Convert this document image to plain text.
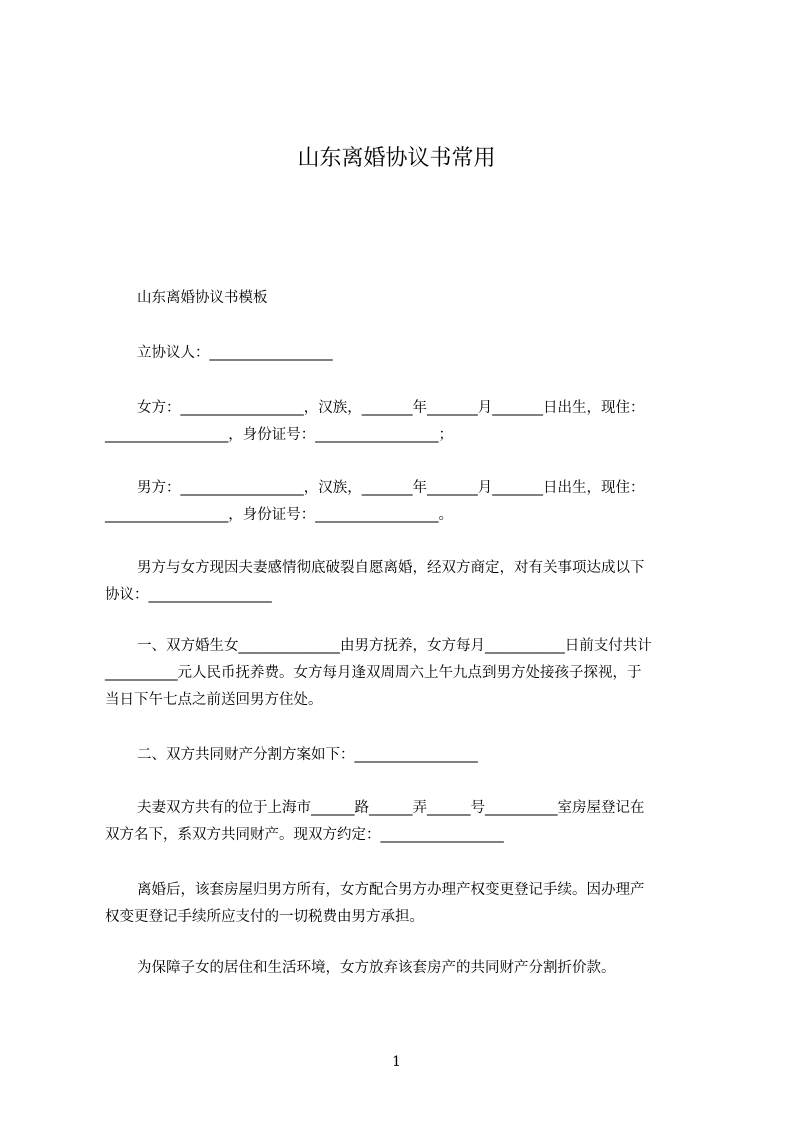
山东离婚协议书常用

山东离婚协议书模板

立协议人：_________________

女方：_________________，汉族，_______年_______月_______日出生，现住：
_________________，身份证号：_________________；

男方：_________________，汉族，_______年_______月_______日出生，现住：
_________________，身份证号：_________________。

男方与女方现因夫妻感情彻底破裂自愿离婚，经双方商定，对有关事项达成以下
协议：_________________

一、双方婚生女______________由男方抚养，女方每月___________日前支付共计
__________元人民币抚养费。女方每月逢双周周六上午九点到男方处接孩子探视，于
当日下午七点之前送回男方住处。

二、双方共同财产分割方案如下：_________________

夫妻双方共有的位于上海市______路______弄______号__________室房屋登记在
双方名下，系双方共同财产。现双方约定：_________________

离婚后，该套房屋归男方所有，女方配合男方办理产权变更登记手续。因办理产
权变更登记手续所应支付的一切税费由男方承担。

为保障子女的居住和生活环境，女方放弃该套房产的共同财产分割折价款。

1
